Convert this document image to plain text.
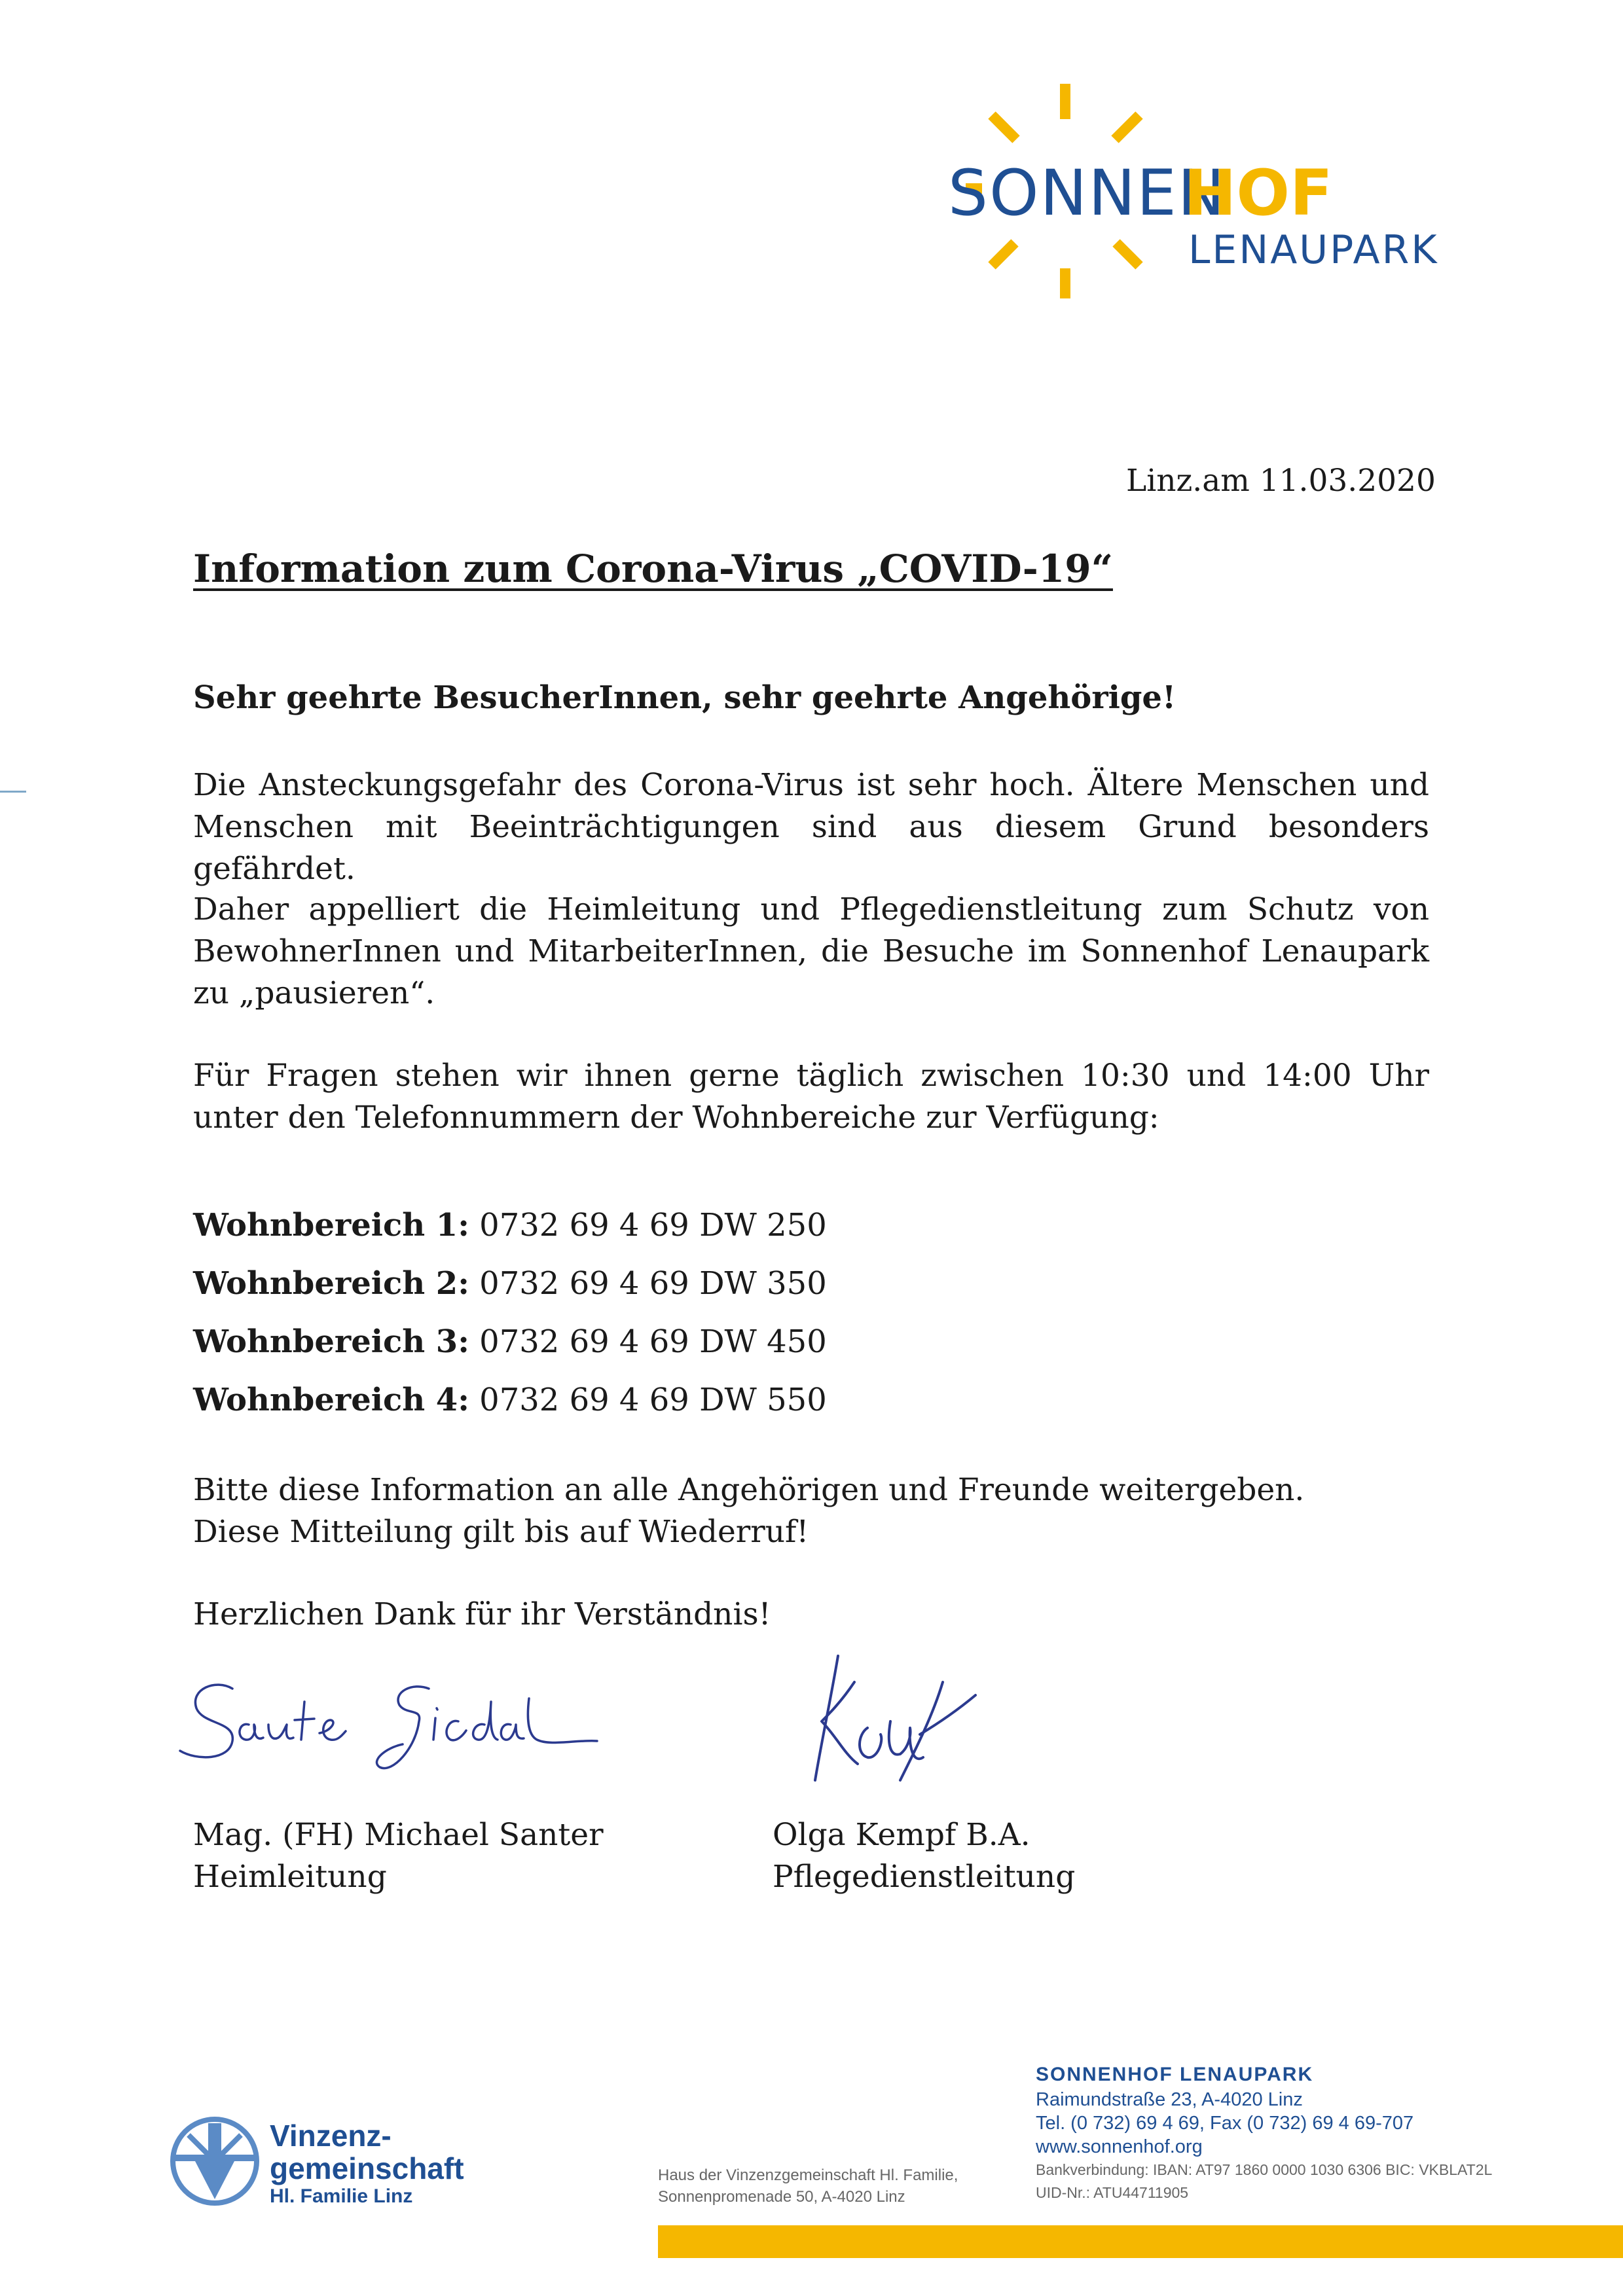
SONNEN
HOF
LENAUPARK
Linz.am 11.03.2020
Information zum Corona-Virus „COVID-19“
Sehr geehrte BesucherInnen, sehr geehrte Angehörige!
Die Ansteckungsgefahr des Corona-Virus ist sehr hoch. Ältere Menschen und Menschen mit Beeinträchtigungen sind aus diesem Grund besonders gefährdet.
Daher appelliert die Heimleitung und Pflegedienstleitung zum Schutz von BewohnerInnen und MitarbeiterInnen, die Besuche im Sonnenhof Lenaupark zu „pausieren“.
Für Fragen stehen wir ihnen gerne täglich zwischen 10:30 und 14:00 Uhr unter den Telefonnummern der Wohnbereiche zur Verfügung:
Wohnbereich 1: 0732 69 4 69 DW 250
Wohnbereich 2: 0732 69 4 69 DW 350
Wohnbereich 3: 0732 69 4 69 DW 450
Wohnbereich 4: 0732 69 4 69 DW 550
Bitte diese Information an alle Angehörigen und Freunde weitergeben.
Diese Mitteilung gilt bis auf Wiederruf!
Herzlichen Dank für ihr Verständnis!
Mag. (FH) Michael Santer
Heimleitung
Olga Kempf B.A.
Pflegedienstleitung
Vinzenz-
gemeinschaft
Hl. Familie Linz
Haus der Vinzenzgemeinschaft Hl. Familie,
Sonnenpromenade 50, A-4020 Linz
SONNENHOF LENAUPARK
Raimundstraße 23, A-4020 Linz
Tel. (0 732) 69 4 69, Fax (0 732) 69 4 69-707
www.sonnenhof.org
Bankverbindung: IBAN: AT97 1860 0000 1030 6306 BIC: VKBLAT2L
UID-Nr.: ATU44711905
